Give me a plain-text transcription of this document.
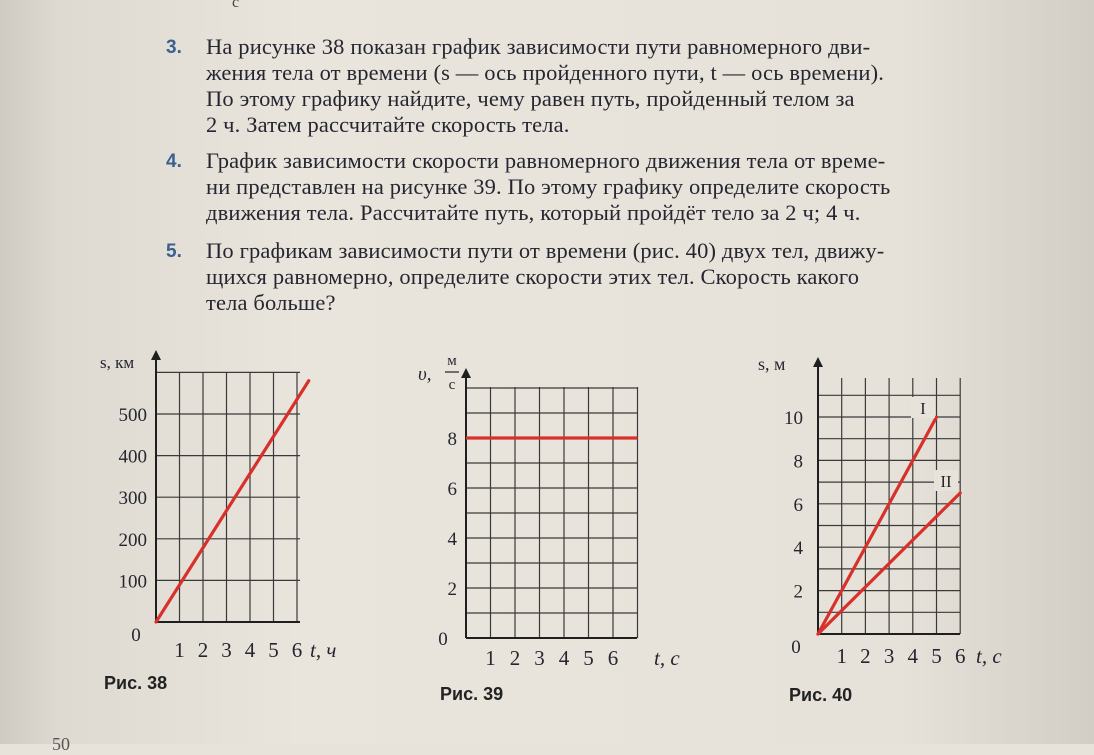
с
3. На рисунке 38 показан график зависимости пути равномерного дви-
жения тела от времени (s — ось пройденного пути, t — ось времени).
По этому графику найдите, чему равен путь, пройденный телом за
2 ч. Затем рассчитайте скорость тела.
4. График зависимости скорости равномерного движения тела от време-
ни представлен на рисунке 39. По этому графику определите скорость
движения тела. Рассчитайте путь, который пройдёт тело за 2 ч; 4 ч.
5. По графикам зависимости пути от времени (рис. 40) двух тел, движу-
щихся равномерно, определите скорости этих тел. Скорость какого
тела больше?
1 2 3 4 5 6
100
200
300
400
500
0
t, ч
s, км
1 2 3 4 5 6
2
4
6
8
0
t, с
υ,
м
с
1 2 3 4 5 6
2
4
6
8
10
0	t, с
s, м
I
II
Рис. 38
Рис. 39	Рис. 40
50
